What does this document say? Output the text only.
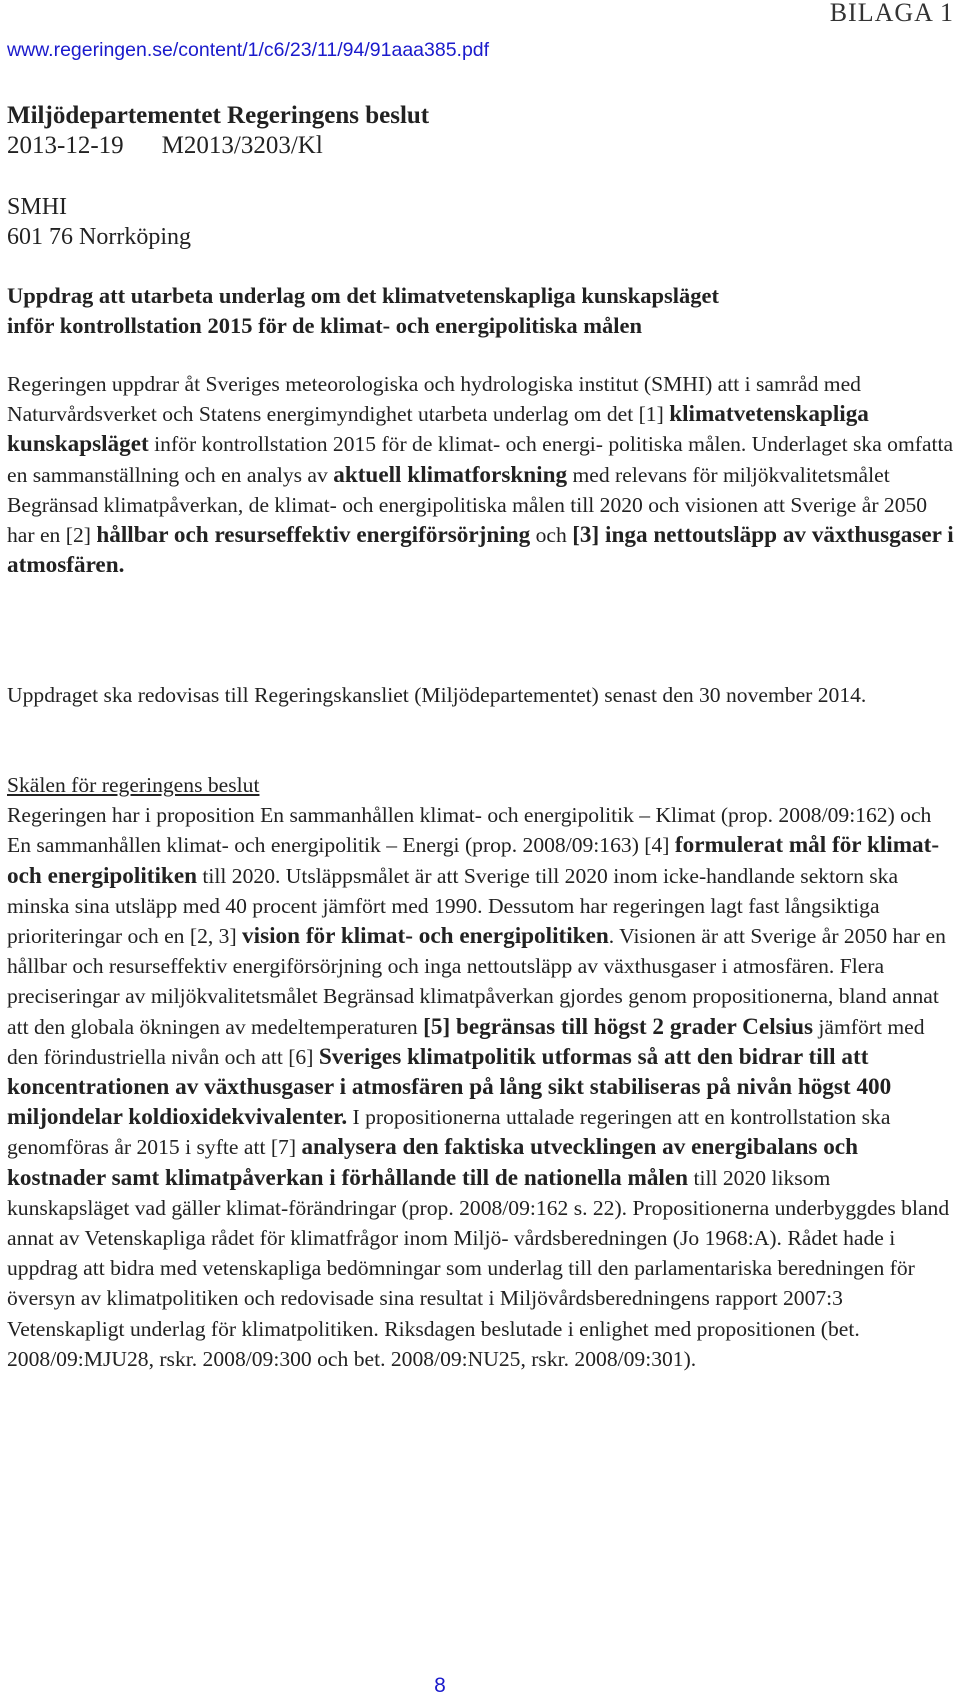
BILAGA 1
www.regeringen.se/content/1/c6/23/11/94/91aaa385.pdf
Miljödepartementet Regeringens beslut
2013-12-19 M2013/3203/Kl
SMHI
601 76 Norrköping
Uppdrag att utarbeta underlag om det klimatvetenskapliga kunskapsläget
inför kontrollstation 2015 för de klimat- och energipolitiska målen
Regeringen uppdrar åt Sveriges meteorologiska och hydrologiska institut (SMHI) att i samråd med Naturvårdsverket och Statens energimyndighet utarbeta underlag om det [1] klimatvetenskapliga kunskapsläget inför kontrollstation 2015 för de klimat- och energi- politiska målen. Underlaget ska omfatta en sammanställning och en analys av aktuell klimatforskning med relevans för miljökvalitetsmålet Begränsad klimatpåverkan, de klimat- och energipolitiska målen till 2020 och visionen att Sverige år 2050 har en [2] hållbar och resurseffektiv energiförsörjning och [3] inga nettoutsläpp av växthusgaser i atmosfären.
Uppdraget ska redovisas till Regeringskansliet (Miljödepartementet) senast den 30 november 2014.
Skälen för regeringens beslut
Regeringen har i proposition En sammanhållen klimat- och energipolitik – Klimat (prop. 2008/09:162) och En sammanhållen klimat- och energipolitik – Energi (prop. 2008/09:163) [4] formulerat mål för klimat- och energipolitiken till 2020. Utsläppsmålet är att Sverige till 2020 inom icke-handlande sektorn ska minska sina utsläpp med 40 procent jämfört med 1990. Dessutom har regeringen lagt fast långsiktiga prioriteringar och en [2, 3] vision för klimat- och energipolitiken. Visionen är att Sverige år 2050 har en hållbar och resurseffektiv energiförsörjning och inga nettoutsläpp av växthusgaser i atmosfären. Flera preciseringar av miljökvalitetsmålet Begränsad klimatpåverkan gjordes genom propositionerna, bland annat att den globala ökningen av medeltemperaturen [5] begränsas till högst 2 grader Celsius jämfört med den förindustriella nivån och att [6] Sveriges klimatpolitik utformas så att den bidrar till att koncentrationen av växthusgaser i atmosfären på lång sikt stabiliseras på nivån högst 400 miljondelar koldioxidekvivalenter. I propositionerna uttalade regeringen att en kontrollstation ska genomföras år 2015 i syfte att [7] analysera den faktiska utvecklingen av energibalans och kostnader samt klimatpåverkan i förhållande till de nationella målen till 2020 liksom kunskapsläget vad gäller klimat-förändringar (prop. 2008/09:162 s. 22). Propositionerna underbyggdes bland annat av Vetenskapliga rådet för klimatfrågor inom Miljö- vårdsberedningen (Jo 1968:A). Rådet hade i uppdrag att bidra med vetenskapliga bedömningar som underlag till den parlamentariska beredningen för översyn av klimatpolitiken och redovisade sina resultat i Miljövårdsberedningens rapport 2007:3 Vetenskapligt underlag för klimatpolitiken. Riksdagen beslutade i enlighet med propositionen (bet. 2008/09:MJU28, rskr. 2008/09:300 och bet. 2008/09:NU25, rskr. 2008/09:301).
8
